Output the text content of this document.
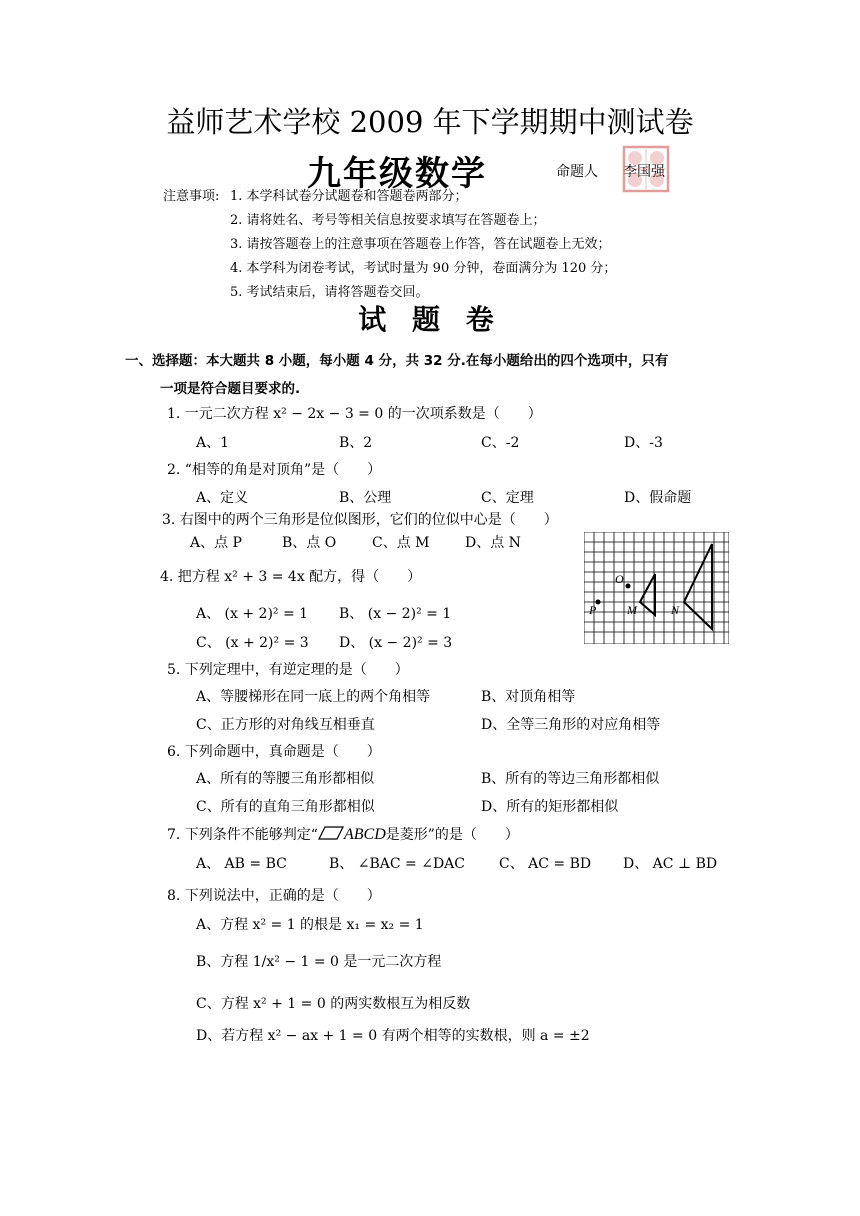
益师艺术学校 2009 年下学期期中测试卷
九年级数学	命题人 李国强
注意事项: 1. 本学科试卷分试题卷和答题卷两部分；
2. 请将姓名、考号等相关信息按要求填写在答题卷上；
3. 请按答题卷上的注意事项在答题卷上作答，答在试题卷上无效；
4. 本学科为闭卷考试，考试时量为 90 分钟，卷面满分为 120 分；
5. 考试结束后，请将答题卷交回。
试 题 卷
一、选择题：本大题共 8 小题，每小题 4 分，共 32 分.在每小题给出的四个选项中，只有
一项是符合题目要求的.
1. 一元二次方程 x² − 2x − 3 = 0 的一次项系数是（　　）
A、1	B、2	C、-2	D、-3
2. “相等的角是对顶角”是（　　）
A、定义	B、公理	C、定理	D、假命题
3. 右图中的两个三角形是位似图形，它们的位似中心是（　　）
A、点 P	B、点 O	C、点 M	D、点 N
P
O
M	N
4. 把方程 x² + 3 = 4x 配方，得（　　）
A、 (x + 2)² = 1 B、 (x − 2)² = 1
C、 (x + 2)² = 3 D、 (x − 2)² = 3
5. 下列定理中，有逆定理的是（　　）
A、等腰梯形在同一底上的两个角相等	B、对顶角相等
C、正方形的对角线互相垂直	D、全等三角形的对应角相等
6. 下列命题中，真命题是（　　）
A、所有的等腰三角形都相似	B、所有的等边三角形都相似
C、所有的直角三角形都相似	D、所有的矩形都相似
7. 下列条件不能够判定“ ABCD是菱形”的是（　　）
A、 AB = BC	B、 ∠BAC = ∠DAC C、 AC = BD D、 AC ⊥ BD
8. 下列说法中，正确的是（　　）
A、方程 x² = 1 的根是 x₁ = x₂ = 1
B、方程 1/x² − 1 = 0 是一元二次方程
C、方程 x² + 1 = 0 的两实数根互为相反数
D、若方程 x² − ax + 1 = 0 有两个相等的实数根，则 a = ±2
